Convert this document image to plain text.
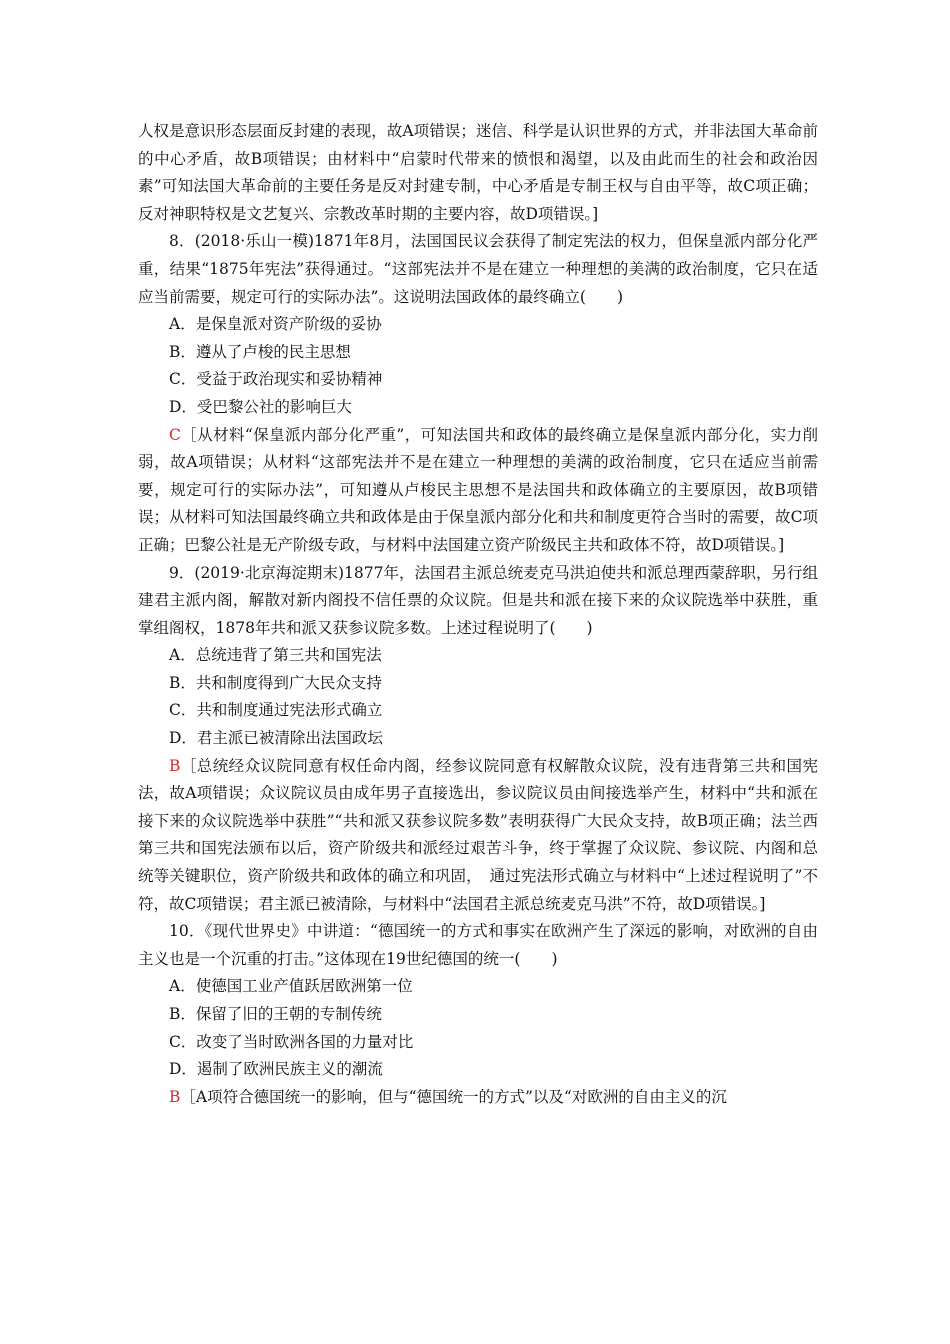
人权是意识形态层面反封建的表现，故A项错误；迷信、科学是认识世界的方式，并非法国大革命前的中心矛盾，故B项错误；由材料中“启蒙时代带来的愤恨和渴望，以及由此而生的社会和政治因素”可知法国大革命前的主要任务是反对封建专制，中心矛盾是专制王权与自由平等，故C项正确；反对神职特权是文艺复兴、宗教改革时期的主要内容，故D项错误。]

8．(2018·乐山一模)1871年8月，法国国民议会获得了制定宪法的权力，但保皇派内部分化严重，结果“1875年宪法”获得通过。“这部宪法并不是在建立一种理想的美满的政治制度，它只在适应当前需要，规定可行的实际办法”。这说明法国政体的最终确立(　　)

A．是保皇派对资产阶级的妥协

B．遵从了卢梭的民主思想

C．受益于政治现实和妥协精神

D．受巴黎公社的影响巨大

C［从材料“保皇派内部分化严重”，可知法国共和政体的最终确立是保皇派内部分化，实力削弱，故A项错误；从材料“这部宪法并不是在建立一种理想的美满的政治制度，它只在适应当前需要，规定可行的实际办法”，可知遵从卢梭民主思想不是法国共和政体确立的主要原因，故B项错误；从材料可知法国最终确立共和政体是由于保皇派内部分化和共和制度更符合当时的需要，故C项正确；巴黎公社是无产阶级专政，与材料中法国建立资产阶级民主共和政体不符，故D项错误。]

9．(2019·北京海淀期末)1877年，法国君主派总统麦克马洪迫使共和派总理西蒙辞职，另行组建君主派内阁，解散对新内阁投不信任票的众议院。但是共和派在接下来的众议院选举中获胜，重掌组阁权，1878年共和派又获参议院多数。上述过程说明了(　　)

A．总统违背了第三共和国宪法

B．共和制度得到广大民众支持

C．共和制度通过宪法形式确立

D．君主派已被清除出法国政坛

B［总统经众议院同意有权任命内阁，经参议院同意有权解散众议院，没有违背第三共和国宪法，故A项错误；众议院议员由成年男子直接选出，参议院议员由间接选举产生，材料中“共和派在接下来的众议院选举中获胜”“共和派又获参议院多数”表明获得广大民众支持，故B项正确；法兰西第三共和国宪法颁布以后，资产阶级共和派经过艰苦斗争，终于掌握了众议院、参议院、内阁和总统等关键职位，资产阶级共和政体的确立和巩固，　通过宪法形式确立与材料中“上述过程说明了”不符，故C项错误；君主派已被清除，与材料中“法国君主派总统麦克马洪”不符，故D项错误。]

10．《现代世界史》中讲道：“德国统一的方式和事实在欧洲产生了深远的影响，对欧洲的自由主义也是一个沉重的打击。”这体现在19世纪德国的统一(　　)

A．使德国工业产值跃居欧洲第一位

B．保留了旧的王朝的专制传统

C．改变了当时欧洲各国的力量对比

D．遏制了欧洲民族主义的潮流

B［A项符合德国统一的影响，但与“德国统一的方式”以及“对欧洲的自由主义的沉
